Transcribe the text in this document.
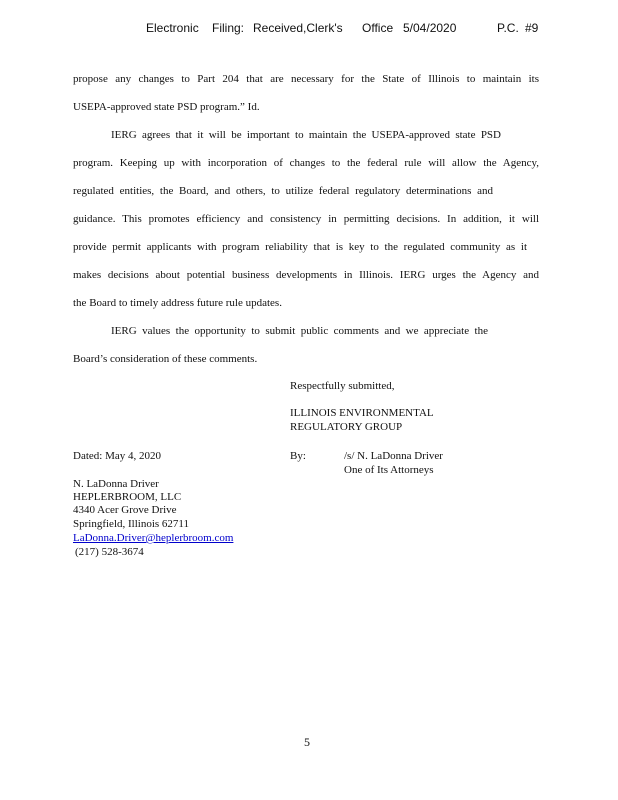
Electronic Filing: Received,Clerk's Office 5/04/2020	P.C. #9
propose any changes to Part 204 that are necessary for the State of Illinois to maintain its
USEPA-approved state PSD program.” Id.
IERG agrees that it will be important to maintain the USEPA-approved state PSD
program. Keeping up with incorporation of changes to the federal rule will allow the Agency,
regulated entities, the Board, and others, to utilize federal regulatory determinations and
guidance. This promotes efficiency and consistency in permitting decisions. In addition, it will
provide permit applicants with program reliability that is key to the regulated community as it
makes decisions about potential business developments in Illinois. IERG urges the Agency and
the Board to timely address future rule updates.
IERG values the opportunity to submit public comments and we appreciate the
Board’s consideration of these comments.
Respectfully submitted,
ILLINOIS ENVIRONMENTAL
REGULATORY GROUP
Dated: May 4, 2020	By:	/s/ N. LaDonna Driver
One of Its Attorneys
N. LaDonna Driver
HEPLERBROOM, LLC
4340 Acer Grove Drive
Springfield, Illinois 62711
LaDonna.Driver@heplerbroom.com
(217) 528-3674
5
